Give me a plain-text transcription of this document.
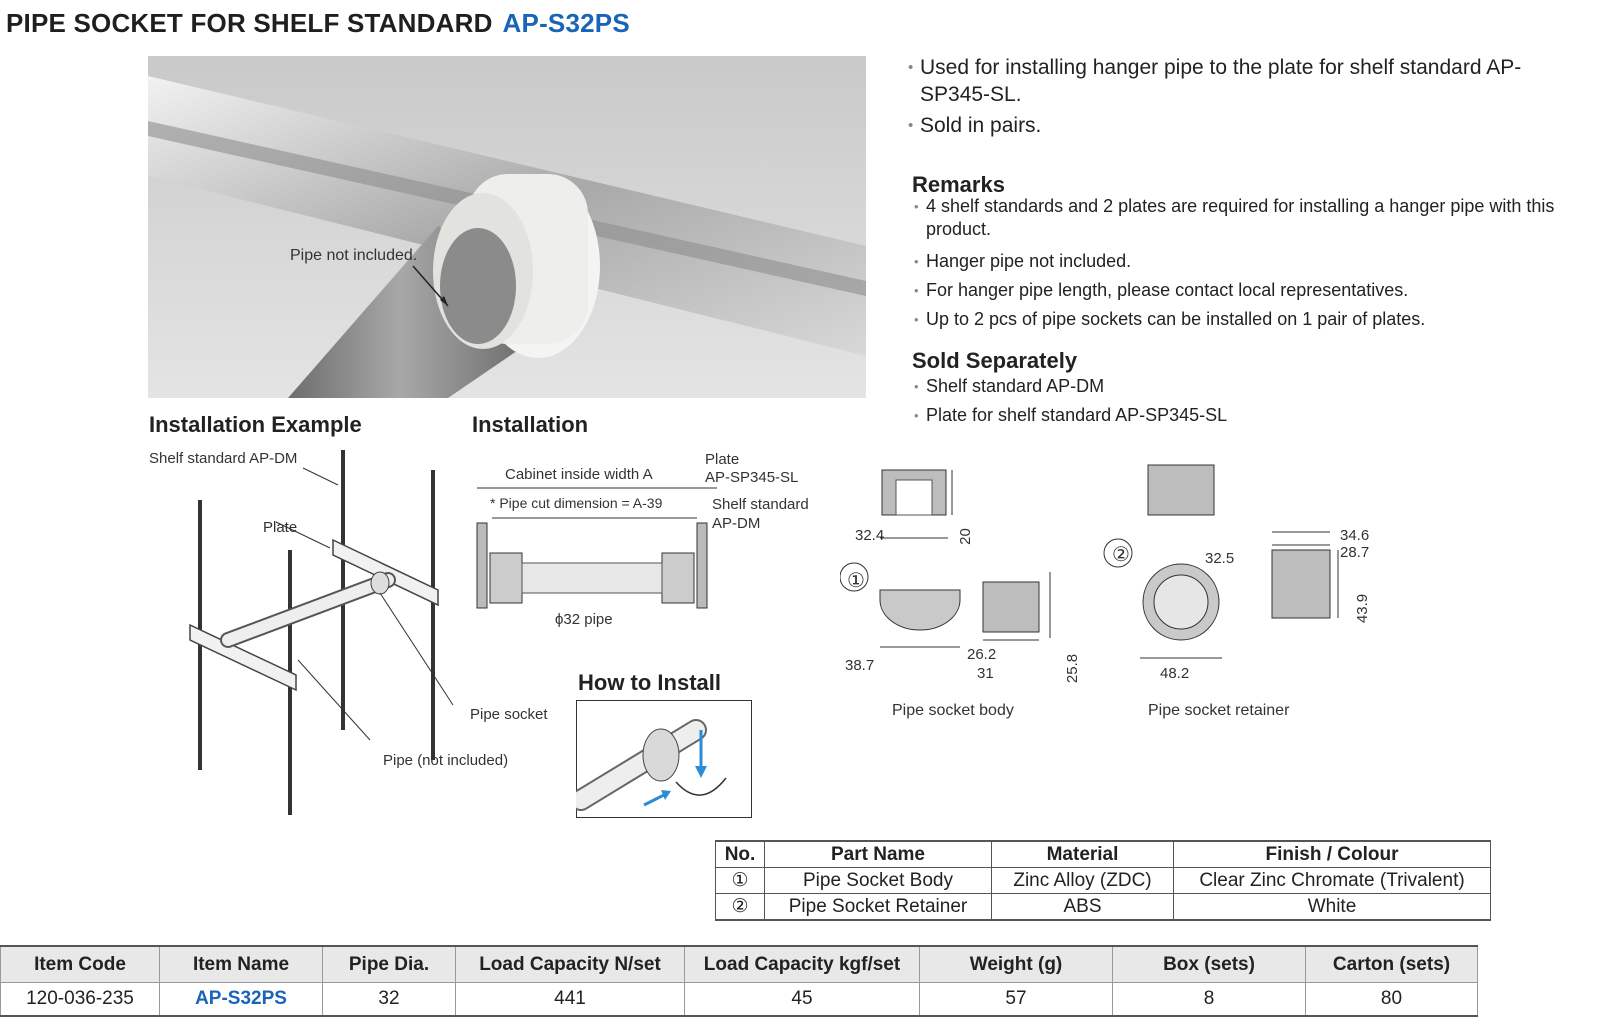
PIPE SOCKET FOR SHELF STANDARD AP-S32PS
Pipe not included.
• Used for installing hanger pipe to the plate for shelf standard AP-SP345-SL.
• Sold in pairs.
Remarks
• 4 shelf standards and 2 plates are required for installing a hanger pipe with this product.
• Hanger pipe not included.
• For hanger pipe length, please contact local representatives.
• Up to 2 pcs of pipe sockets can be installed on 1 pair of plates.
Sold Separately
• Shelf standard AP-DM
• Plate for shelf standard AP-SP345-SL
Installation Example
Shelf standard AP-DM
Plate
Pipe socket
Pipe (not included)
Installation
Cabinet inside width A
* Pipe cut dimension = A-39
Plate
AP-SP345-SL
Shelf standard
AP-DM
ϕ32 pipe
How to Install
32.4	20
①
38.7
26.2
31	25.8
Pipe socket body
②	32.5
48.2
34.6
28.7
43.9
Pipe socket retainer
No.	Part Name	Material	Finish / Colour
①	Pipe Socket Body	Zinc Alloy (ZDC)	Clear Zinc Chromate (Trivalent)
②	Pipe Socket Retainer	ABS	White
Item Code	Item Name	Pipe Dia.	Load Capacity N/set	Load Capacity kgf/set	Weight (g)	Box (sets)	Carton (sets)
120-036-235	AP-S32PS	32	441	45	57	8	80
